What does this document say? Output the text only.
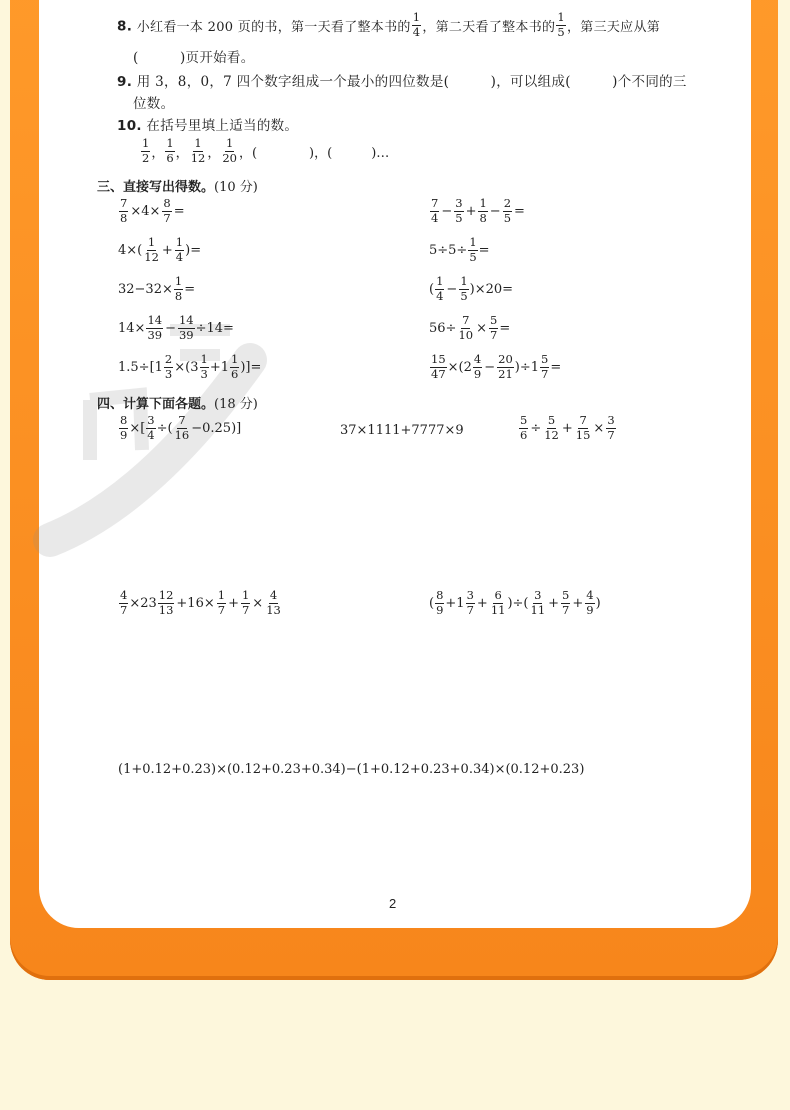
8. 小红看一本 200 页的书，第一天看了整本书的 $\frac{1}{4}$ ，第二天看了整本书的 $\frac{1}{5}$ ，第三天应从第
(　　　)页开始看。
9. 用 3，8，0，7 四个数字组成一个最小的四位数是(　　　)，可以组成(　　　)个不同的三
位数。
10. 在括号里填上适当的数。
$\frac{1}{2}$ ， $\frac{1}{6}$ ， $\frac{1}{12}$ ， $\frac{1}{20}$ ，(　　　　)，(　　　)…
三、直接写出得数。(10 分)
$\frac{7}{8} \times 4\times \frac{8}{7}$ =	$\frac{7}{4} - \frac{3}{5} + \frac{1}{8} - \frac{2}{5}$ =
$4\times( \frac{1}{12} + \frac{1}{4}$ )=	$5\div 5\div \frac{1}{5}$ =
$32-32\times \frac{1}{8}$ =	( $\frac{1}{4} - \frac{1}{5} )\times 20=$
$14\times \frac{14}{39} - \frac{14}{39} \div 14=$	$56\div \frac{7}{10} \times \frac{5}{7}$ =
$1.5\div[1 \frac{2}{3} \times(3 \frac{1}{3} +1 \frac{1}{6}$ )]=	$\frac{15}{47} \times(2 \frac{4}{9} - \frac{20}{21} )\div 1 \frac{5}{7}$ =
四、计算下面各题。(18 分)
$\frac{8}{9}$ ×[ $\frac{3}{4}$ ÷( $\frac{7}{16} -0.25$)]	37×1111+7777×9	$\frac{5}{6} \div \frac{5}{12} + \frac{7}{15} \times \frac{3}{7}$
$\frac{4}{7} \times 23 \frac{12}{13} +16\times \frac{1}{7} + \frac{1}{7} \times \frac{4}{13}$	( $\frac{8}{9} +1 \frac{3}{7} + \frac{6}{11}$ )÷( $\frac{3}{11} + \frac{5}{7} + \frac{4}{9}$ )
(1+0.12+0.23)×(0.12+0.23+0.34)−(1+0.12+0.23+0.34)×(0.12+0.23)
2
